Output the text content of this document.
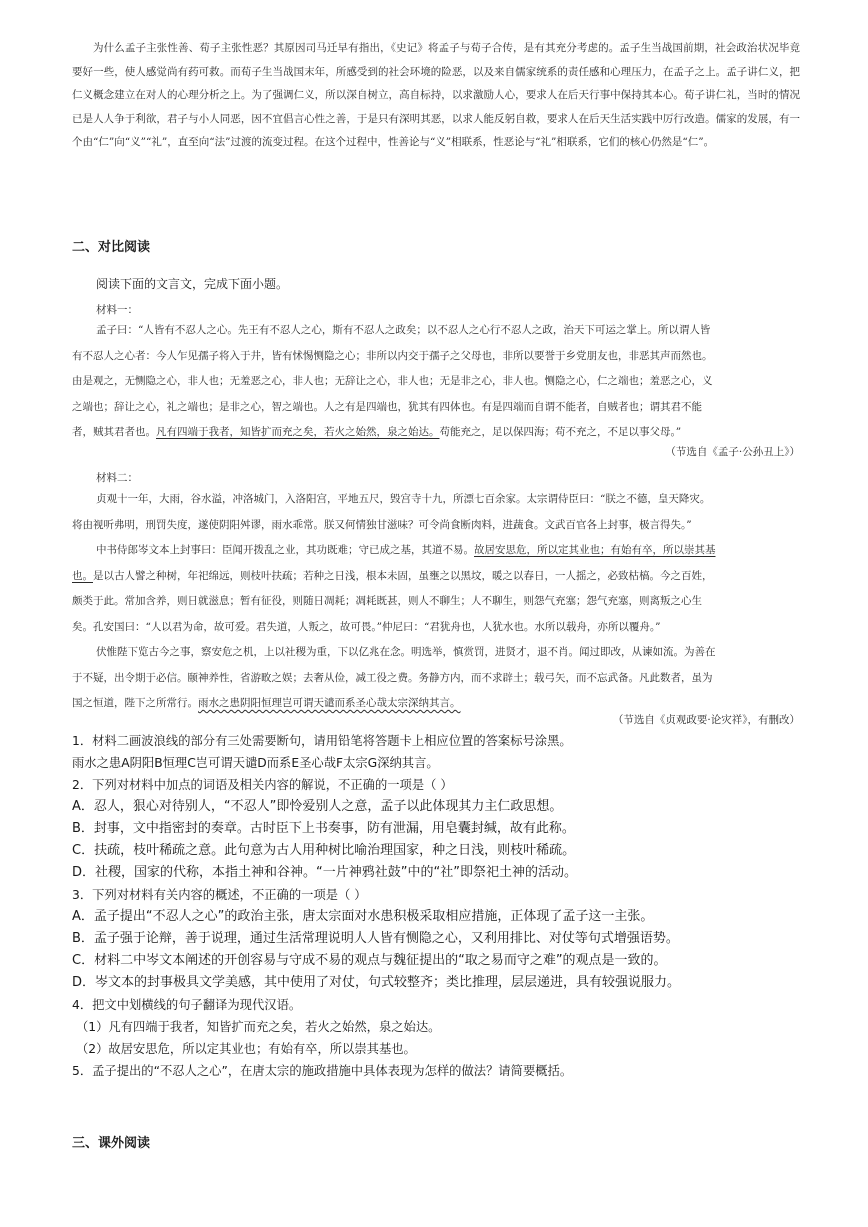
为什么孟子主张性善、荀子主张性恶？其原因司马迁早有指出，《史记》将孟子与荀子合传，是有其充分考虑的。孟子生当战国前期，社会政治状况毕竟要好一些，使人感觉尚有药可救。而荀子生当战国末年，所感受到的社会环境的险恶，以及来自儒家统系的责任感和心理压力，在孟子之上。孟子讲仁义，把仁义概念建立在对人的心理分析之上。为了强调仁义，所以深自树立，高自标持，以求激励人心，要求人在后天行事中保持其本心。荀子讲仁礼，当时的情况已是人人争于利欲，君子与小人同恶，因不宜倡言心性之善，于是只有深明其恶，以求人能反躬自救，要求人在后天生活实践中厉行改造。儒家的发展，有一个由“仁”向“义”“礼”，直至向“法”过渡的流变过程。在这个过程中，性善论与“义”相联系，性恶论与“礼”相联系，它们的核心仍然是“仁”。
二、对比阅读
阅读下面的文言文，完成下面小题。
材料一：
孟子曰：“人皆有不忍人之心。先王有不忍人之心，斯有不忍人之政矣；以不忍人之心行不忍人之政，治天下可运之掌上。所以谓人皆
有不忍人之心者：今人乍见孺子将入于井，皆有怵惕恻隐之心；非所以内交于孺子之父母也，非所以要誉于乡党朋友也，非恶其声而然也。
由是观之，无恻隐之心，非人也；无羞恶之心，非人也；无辞让之心，非人也；无是非之心，非人也。恻隐之心，仁之端也；羞恶之心，义
之端也；辞让之心，礼之端也；是非之心，智之端也。人之有是四端也，犹其有四体也。有是四端而自谓不能者，自贼者也；谓其君不能
者，贼其君者也。凡有四端于我者，知皆扩而充之矣，若火之始然，泉之始达。苟能充之，足以保四海；苟不充之，不足以事父母。”
（节选自《孟子·公孙丑上》）
材料二：
贞观十一年，大雨，谷水溢，冲洛城门，入洛阳宫，平地五尺，毁宫寺十九，所漂七百余家。太宗谓侍臣曰：“朕之不德，皇天降灾。
将由视听弗明，刑罚失度，遂使阴阳舛谬，雨水乖常。朕又何情独甘滋味？可令尚食断肉料，进蔬食。文武百官各上封事，极言得失。”
中书侍郎岑文本上封事曰：臣闻开拨乱之业，其功既难；守已成之基，其道不易。故居安思危，所以定其业也；有始有卒，所以崇其基
也。是以古人譬之种树，年祀绵远，则枝叶扶疏；若种之日浅，根本未固，虽壅之以黑坟，暖之以春日，一人摇之，必致枯槁。今之百姓，
颇类于此。常加含养，则日就滋息；暂有征役，则随日凋耗；凋耗既甚，则人不聊生；人不聊生，则怨气充塞；怨气充塞，则离叛之心生
矣。孔安国曰：“人以君为命，故可爱。君失道，人叛之，故可畏。”仲尼曰：“君犹舟也，人犹水也。水所以载舟，亦所以覆舟。”
伏惟陛下览古今之事，察安危之机，上以社稷为重，下以亿兆在念。明选举，慎赏罚，进贤才，退不肖。闻过即改，从谏如流。为善在
于不疑，出令期于必信。颐神养性，省游畋之娱；去奢从俭，减工役之费。务静方内，而不求辟土；载弓矢，而不忘武备。凡此数者，虽为
国之恒道，陛下之所常行。雨水之患阴阳恒理岂可谓天谴而系圣心哉太宗深纳其言。
（节选自《贞观政要·论灾祥》，有删改）
1．材料二画波浪线的部分有三处需要断句，请用铅笔将答题卡上相应位置的答案标号涂黑。
雨水之患A阴阳B恒理C岂可谓天谴D而系E圣心哉F太宗G深纳其言。
2．下列对材料中加点的词语及相关内容的解说，不正确的一项是（ ）
A．忍人，狠心对待别人，“不忍人”即怜爱别人之意，孟子以此体现其力主仁政思想。
B．封事，文中指密封的奏章。古时臣下上书奏事，防有泄漏，用皂囊封缄，故有此称。
C．扶疏，枝叶稀疏之意。此句意为古人用种树比喻治理国家，种之日浅，则枝叶稀疏。
D．社稷，国家的代称，本指土神和谷神。“一片神鸦社鼓”中的“社”即祭祀土神的活动。
3．下列对材料有关内容的概述，不正确的一项是（ ）
A．孟子提出“不忍人之心”的政治主张，唐太宗面对水患积极采取相应措施，正体现了孟子这一主张。
B．孟子强于论辩，善于说理，通过生活常理说明人人皆有恻隐之心，又利用排比、对仗等句式增强语势。
C．材料二中岑文本阐述的开创容易与守成不易的观点与魏征提出的“取之易而守之难”的观点是一致的。
D．岑文本的封事极具文学美感，其中使用了对仗，句式较整齐；类比推理，层层递进，具有较强说服力。
4．把文中划横线的句子翻译为现代汉语。
（1）凡有四端于我者，知皆扩而充之矣，若火之始然，泉之始达。
（2）故居安思危，所以定其业也；有始有卒，所以崇其基也。
5．孟子提出的“不忍人之心”，在唐太宗的施政措施中具体表现为怎样的做法？请简要概括。
三、课外阅读
